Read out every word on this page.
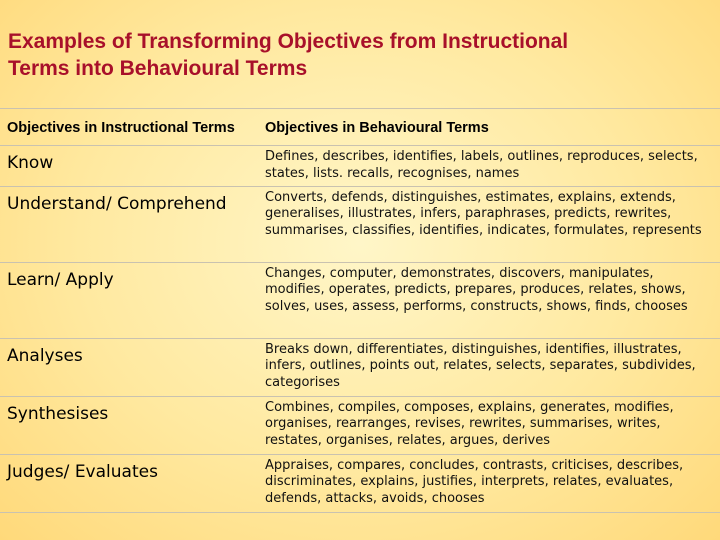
Examples of Transforming Objectives from Instructional
Terms into Behavioural Terms
Objectives in Instructional Terms	Objectives in Behavioural Terms
Know	Defines, describes, identifies, labels, outlines, reproduces, selects, states, lists. recalls, recognises, names
Understand/ Comprehend	Converts, defends, distinguishes, estimates, explains, extends, generalises, illustrates, infers, paraphrases, predicts, rewrites, summarises, classifies, identifies, indicates, formulates, represents
Learn/ Apply	Changes, computer, demonstrates, discovers, manipulates, modifies, operates, predicts, prepares, produces, relates, shows, solves, uses, assess, performs, constructs, shows, finds, chooses
Analyses	Breaks down, differentiates, distinguishes, identifies, illustrates, infers, outlines, points out, relates, selects, separates, subdivides, categorises
Synthesises	Combines, compiles, composes, explains, generates, modifies, organises, rearranges, revises, rewrites, summarises, writes, restates, organises, relates, argues, derives
Judges/ Evaluates	Appraises, compares, concludes, contrasts, criticises, describes, discriminates, explains, justifies, interprets, relates, evaluates, defends, attacks, avoids, chooses
